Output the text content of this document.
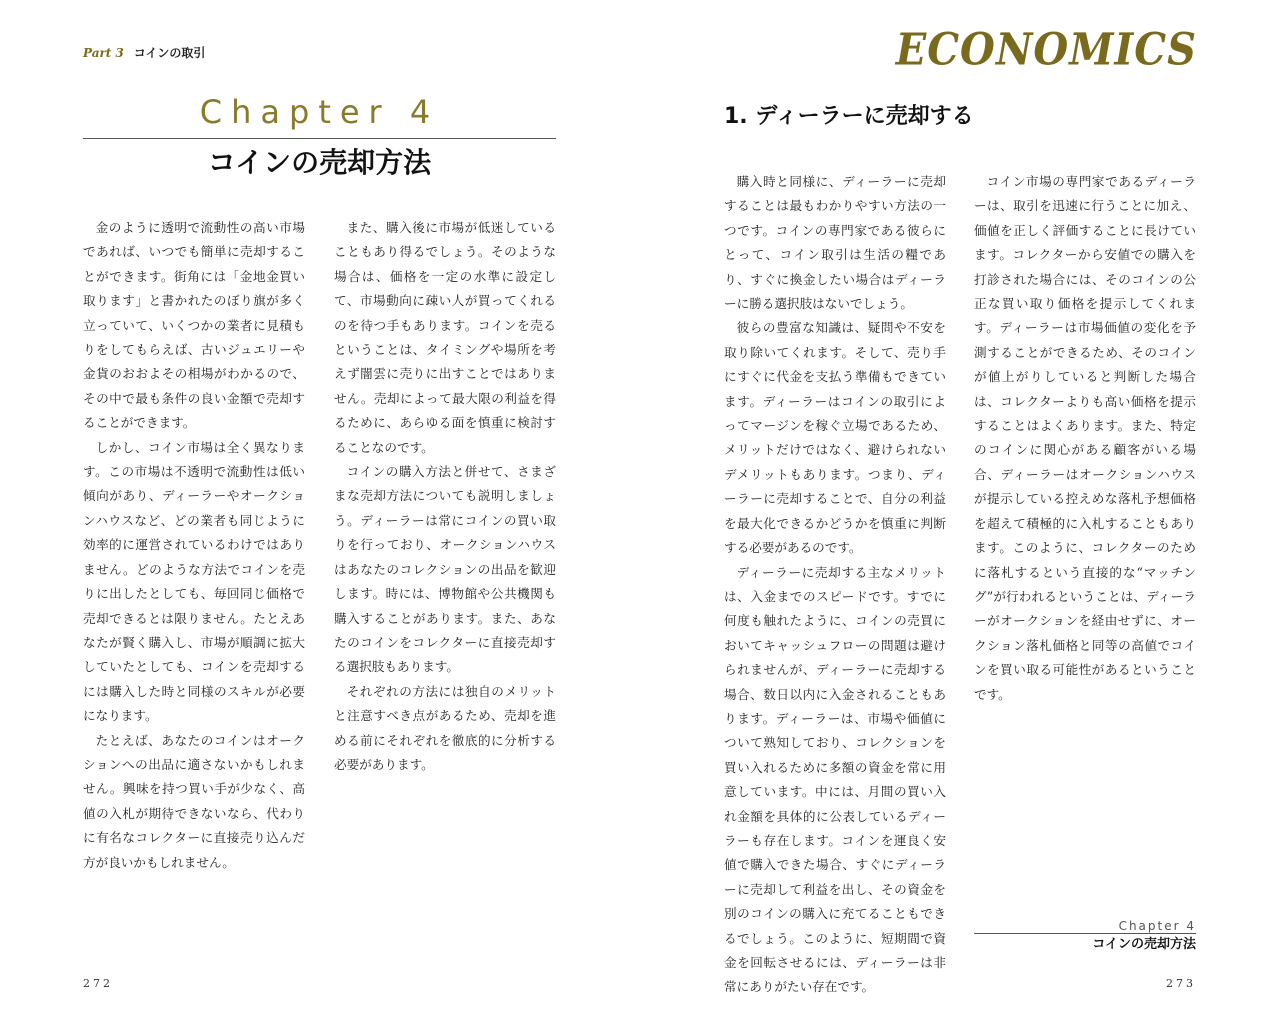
Part 3 コインの取引	ECONOMICS
Chapter 4
コインの売却方法
1. ディーラーに売却する

金のように透明で流動性の高い市場であれば、いつでも簡単に売却することができます。街角には「金地金買い取ります」と書かれたのぼり旗が多く立っていて、いくつかの業者に見積もりをしてもらえば、古いジュエリーや金貨のおおよその相場がわかるので、その中で最も条件の良い金額で売却することができます。

しかし、コイン市場は全く異なります。この市場は不透明で流動性は低い傾向があり、ディーラーやオークションハウスなど、どの業者も同じように効率的に運営されているわけではありません。どのような方法でコインを売りに出したとしても、毎回同じ価格で売却できるとは限りません。たとえあなたが賢く購入し、市場が順調に拡大していたとしても、コインを売却するには購入した時と同様のスキルが必要になります。

たとえば、あなたのコインはオークションへの出品に適さないかもしれません。興味を持つ買い手が少なく、高値の入札が期待できないなら、代わりに有名なコレクターに直接売り込んだ方が良いかもしれません。

また、購入後に市場が低迷していることもあり得るでしょう。そのような場合は、価格を一定の水準に設定して、市場動向に疎い人が買ってくれるのを待つ手もあります。コインを売るということは、タイミングや場所を考えず闇雲に売りに出すことではありません。売却によって最大限の利益を得るために、あらゆる面を慎重に検討することなのです。

コインの購入方法と併せて、さまざまな売却方法についても説明しましょう。ディーラーは常にコインの買い取りを行っており、オークションハウスはあなたのコレクションの出品を歓迎します。時には、博物館や公共機関も購入することがあります。また、あなたのコインをコレクターに直接売却する選択肢もあります。

それぞれの方法には独自のメリットと注意すべき点があるため、売却を進める前にそれぞれを徹底的に分析する必要があります。

購入時と同様に、ディーラーに売却することは最もわかりやすい方法の一つです。コインの専門家である彼らにとって、コイン取引は生活の糧であり、すぐに換金したい場合はディーラーに勝る選択肢はないでしょう。

彼らの豊富な知識は、疑問や不安を取り除いてくれます。そして、売り手にすぐに代金を支払う準備もできています。ディーラーはコインの取引によってマージンを稼ぐ立場であるため、メリットだけではなく、避けられないデメリットもあります。つまり、ディーラーに売却することで、自分の利益を最大化できるかどうかを慎重に判断する必要があるのです。

ディーラーに売却する主なメリットは、入金までのスピードです。すでに何度も触れたように、コインの売買においてキャッシュフローの問題は避けられませんが、ディーラーに売却する場合、数日以内に入金されることもあります。ディーラーは、市場や価値について熟知しており、コレクションを買い入れるために多額の資金を常に用意しています。中には、月間の買い入れ金額を具体的に公表しているディーラーも存在します。コインを運良く安値で購入できた場合、すぐにディーラーに売却して利益を出し、その資金を別のコインの購入に充てることもできるでしょう。このように、短期間で資金を回転させるには、ディーラーは非常にありがたい存在です。

コイン市場の専門家であるディーラーは、取引を迅速に行うことに加え、価値を正しく評価することに長けています。コレクターから安値での購入を打診された場合には、そのコインの公正な買い取り価格を提示してくれます。ディーラーは市場価値の変化を予測することができるため、そのコインが値上がりしていると判断した場合は、コレクターよりも高い価格を提示することはよくあります。また、特定のコインに関心がある顧客がいる場合、ディーラーはオークションハウスが提示している控えめな落札予想価格を超えて積極的に入札することもあります。このように、コレクターのために落札するという直接的な“マッチング”が行われるということは、ディーラーがオークションを経由せずに、オークション落札価格と同等の高値でコインを買い取る可能性があるということです。

Chapter 4
コインの売却方法
272	273
